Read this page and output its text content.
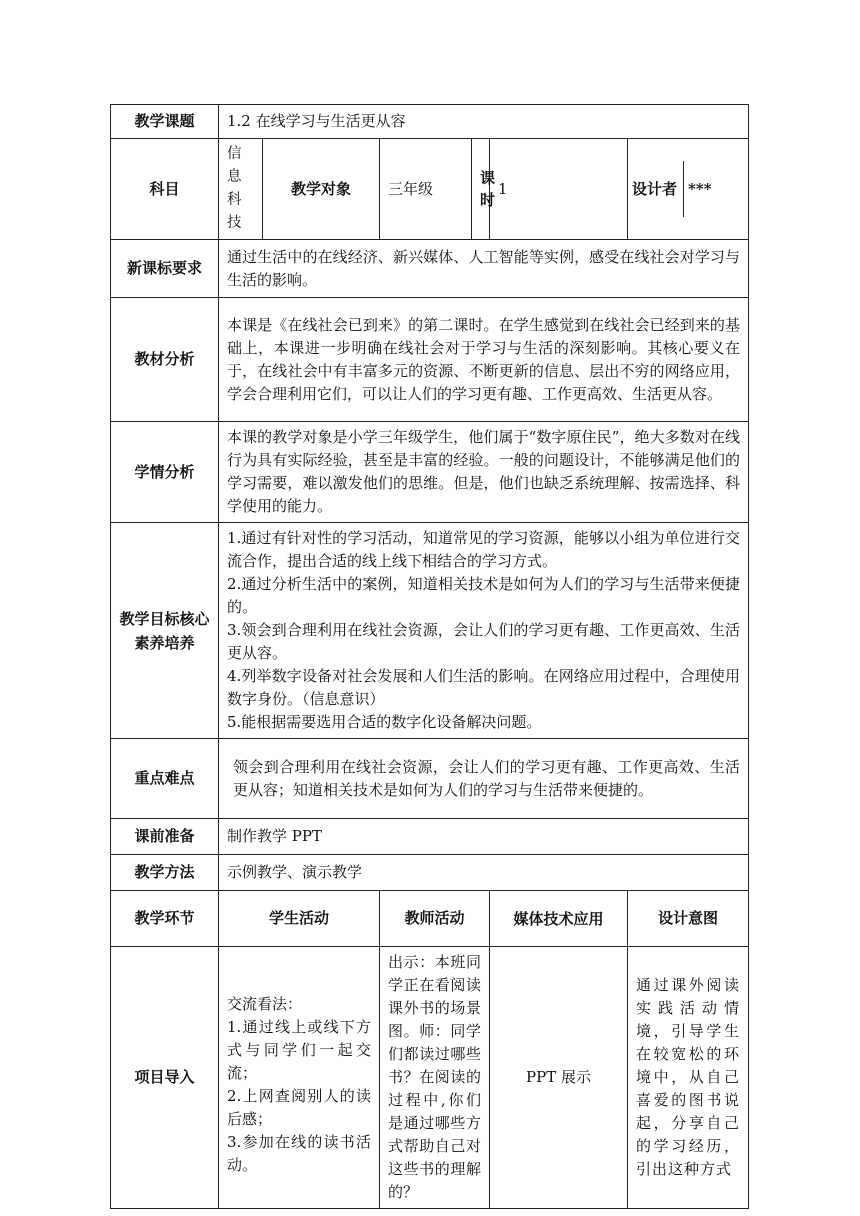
教学课题	1.2 在线学习与生活更从容					
科目	信息科技	教学对象	三年级	课时	1	设计者 ***

新课标要求	通过生活中的在线经济、新兴媒体、人工智能等实例，感受在线社会对学习与生活的影响。					
教材分析	本课是《在线社会已到来》的第二课时。在学生感觉到在线社会已经到来的基础上，本课进一步明确在线社会对于学习与生活的深刻影响。其核心要义在于，在线社会中有丰富多元的资源、不断更新的信息、层出不穷的网络应用，学会合理利用它们，可以让人们的学习更有趣、工作更高效、生活更从容。					
学情分析	本课的教学对象是小学三年级学生，他们属于“数字原住民”，绝大多数对在线行为具有实际经验，甚至是丰富的经验。一般的问题设计，不能够满足他们的学习需要，难以激发他们的思维。但是，他们也缺乏系统理解、按需选择、科学使用的能力。					
教学目标核心素养培养	1.通过有针对性的学习活动，知道常见的学习资源，能够以小组为单位进行交流合作，提出合适的线上线下相结合的学习方式。
2.通过分析生活中的案例，知道相关技术是如何为人们的学习与生活带来便捷的。
3.领会到合理利用在线社会资源，会让人们的学习更有趣、工作更高效、生活更从容。
4.列举数字设备对社会发展和人们生活的影响。在网络应用过程中，合理使用数字身份。（信息意识）
5.能根据需要选用合适的数字化设备解决问题。					

重点难点	领会到合理利用在线社会资源，会让人们的学习更有趣、工作更高效、生活更从容；知道相关技术是如何为人们的学习与生活带来便捷的。					
课前准备	制作教学 PPT					
教学方法	示例教学、演示教学					
教学环节	学生活动		教师活动		媒体技术应用	设计意图
项目导入	交流看法：
1.通过线上或线下方式与同学们一起交流；
2.上网查阅别人的读后感；
3.参加在线的读书活动。		出示：本班同学正在看阅读课外书的场景图。师：同学们都读过哪些书？在阅读的过程中,你们是通过哪些方式帮助自己对这些书的理解的？		PPT 展示	通过课外阅读实践活动情境，引导学生在较宽松的环境中，从自己喜爱的图书说起，分享自己的学习经历，引出这种方式
